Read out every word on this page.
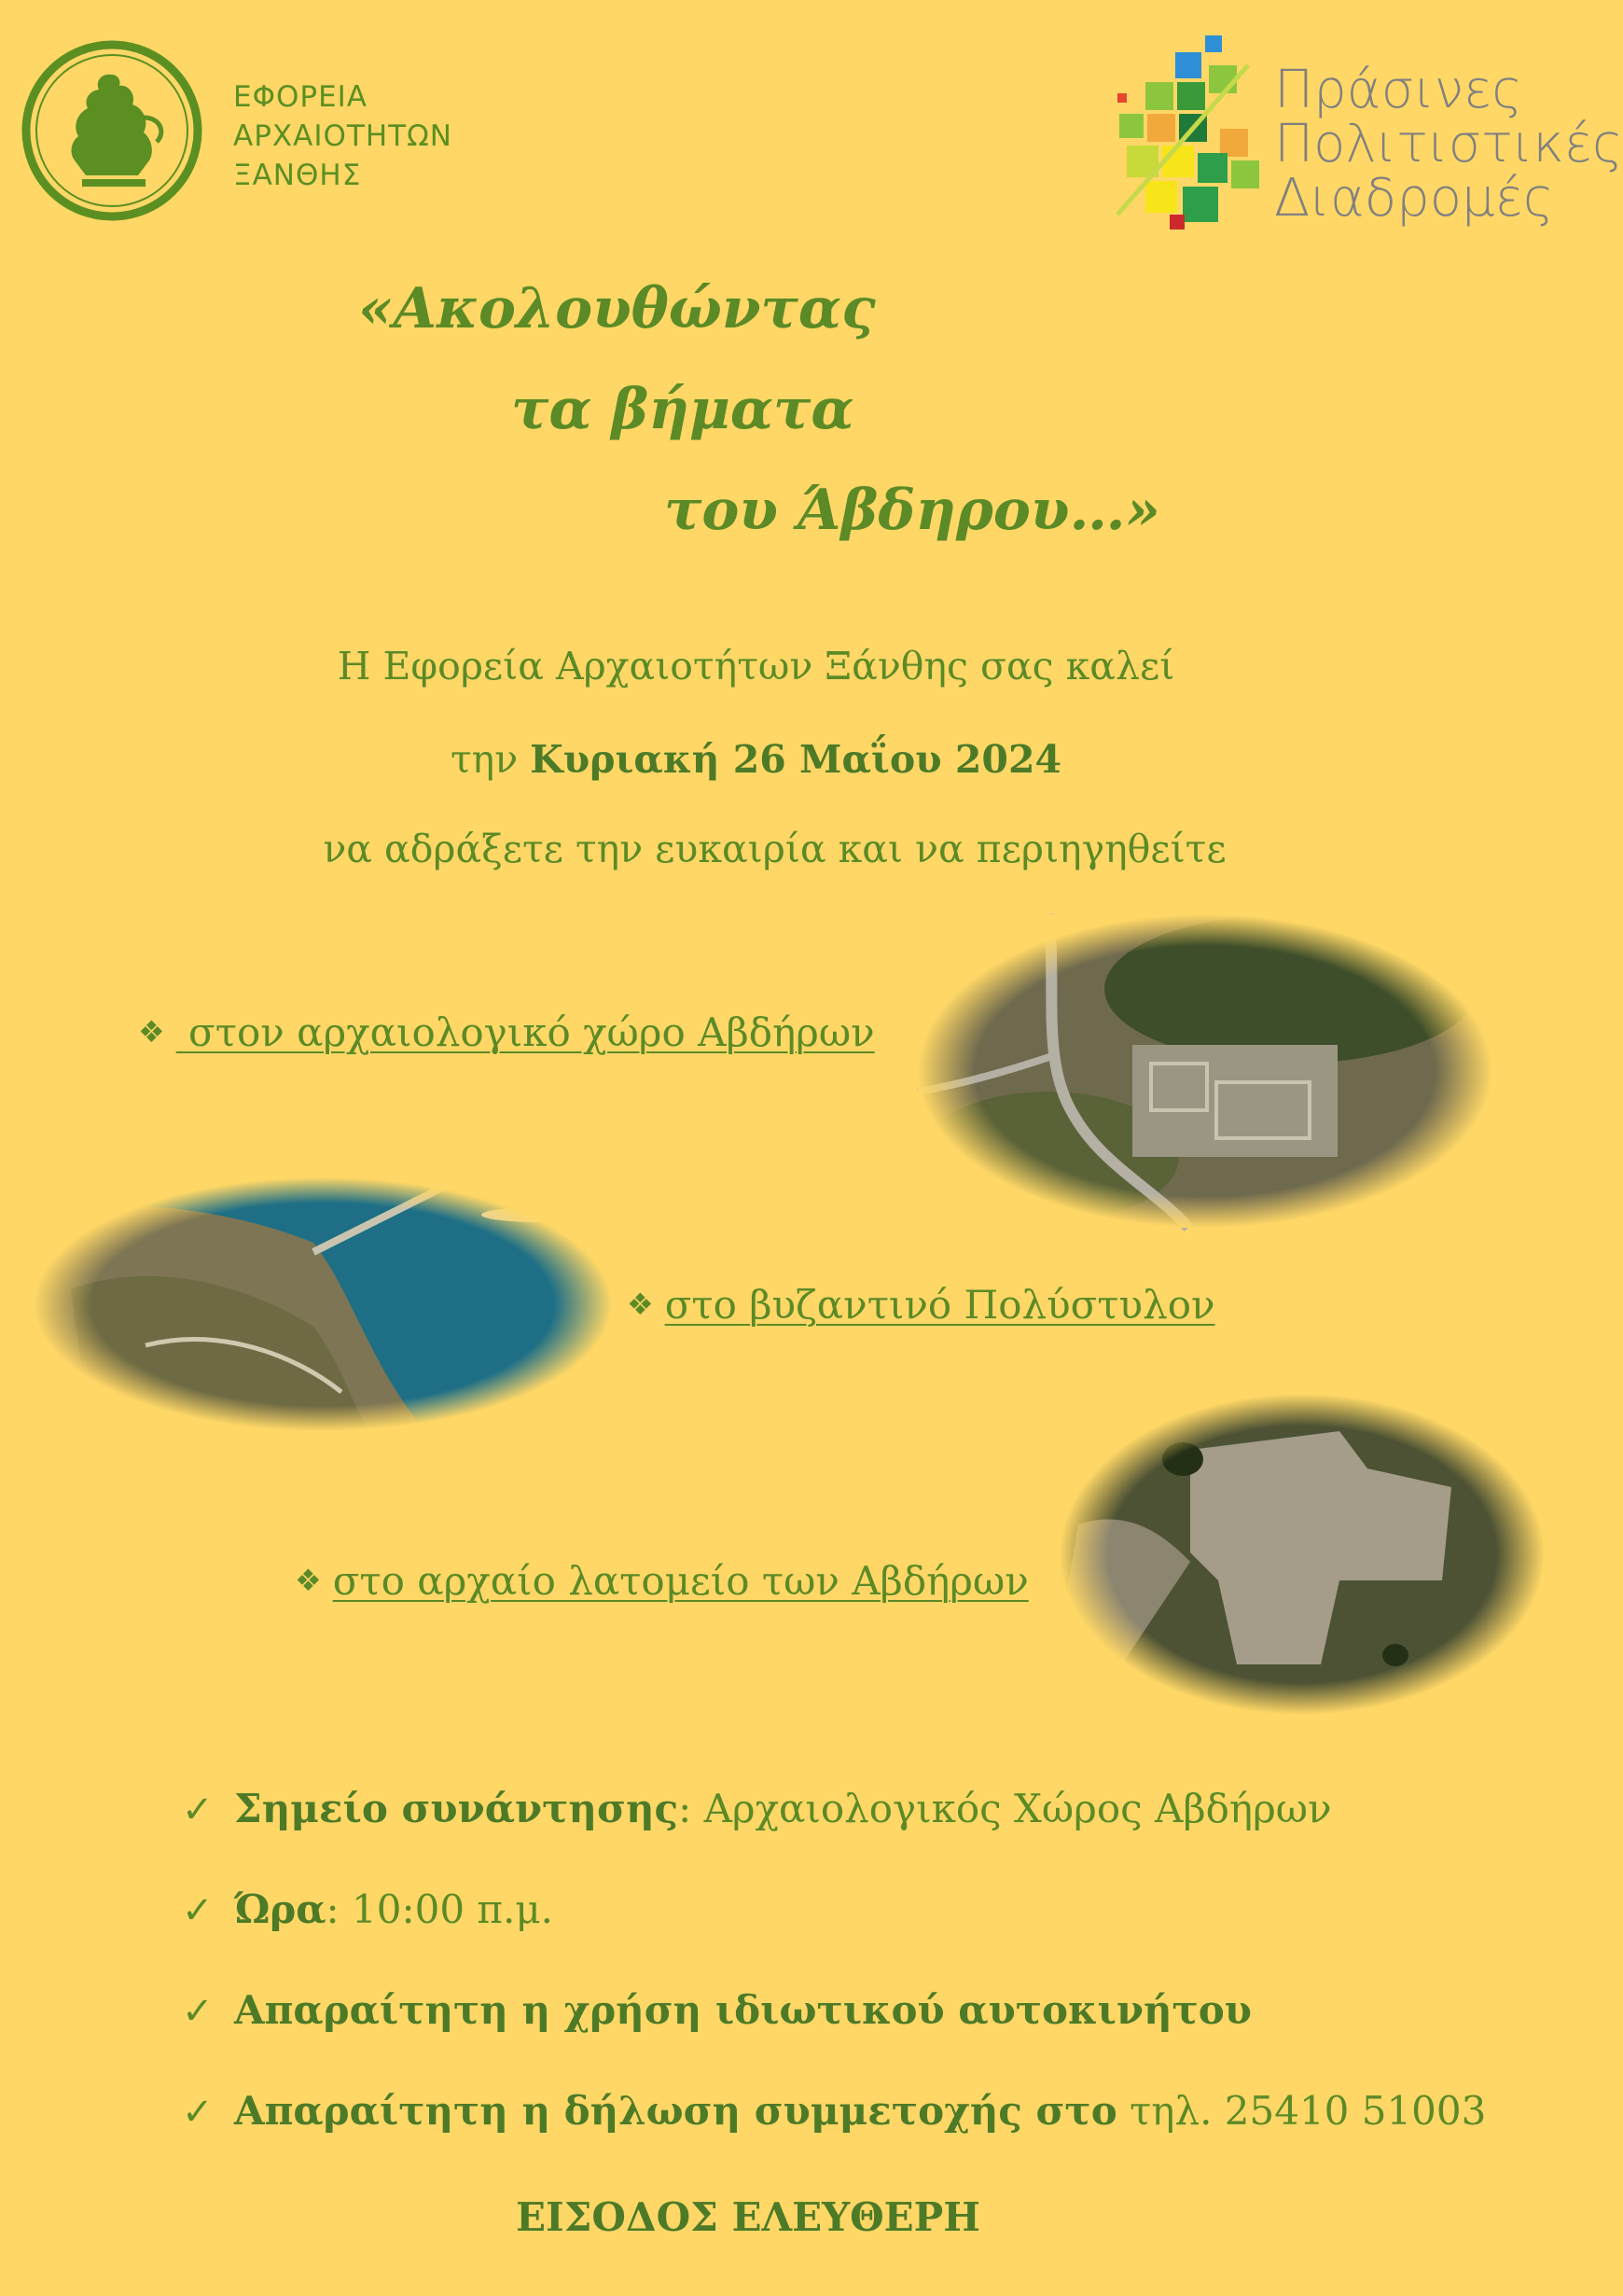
ΕΦΟΡΕΙΑ
ΑΡΧΑΙΟΤΗΤΩΝ
ΞΑΝΘΗΣ
Πράσινες
Πολιτιστικές
Διαδρομές
«Ακολουθώντας
τα βήματα
του Άβδηρου…»
Η Εφορεία Αρχαιοτήτων Ξάνθης σας καλεί
την Κυριακή 26 Μαΐου 2024
να αδράξετε την ευκαιρία και να περιηγηθείτε
❖ στον αρχαιολογικό χώρο Αβδήρων
❖ στο βυζαντινό Πολύστυλον
❖ στο αρχαίο λατομείο των Αβδήρων
✓ Σημείο συνάντησης: Αρχαιολογικός Χώρος Αβδήρων
✓ Ώρα: 10:00 π.μ.
✓ Απαραίτητη η χρήση ιδιωτικού αυτοκινήτου
✓ Απαραίτητη η δήλωση συμμετοχής στο τηλ. 25410 51003
ΕΙΣΟΔΟΣ ΕΛΕΥΘΕΡΗ
